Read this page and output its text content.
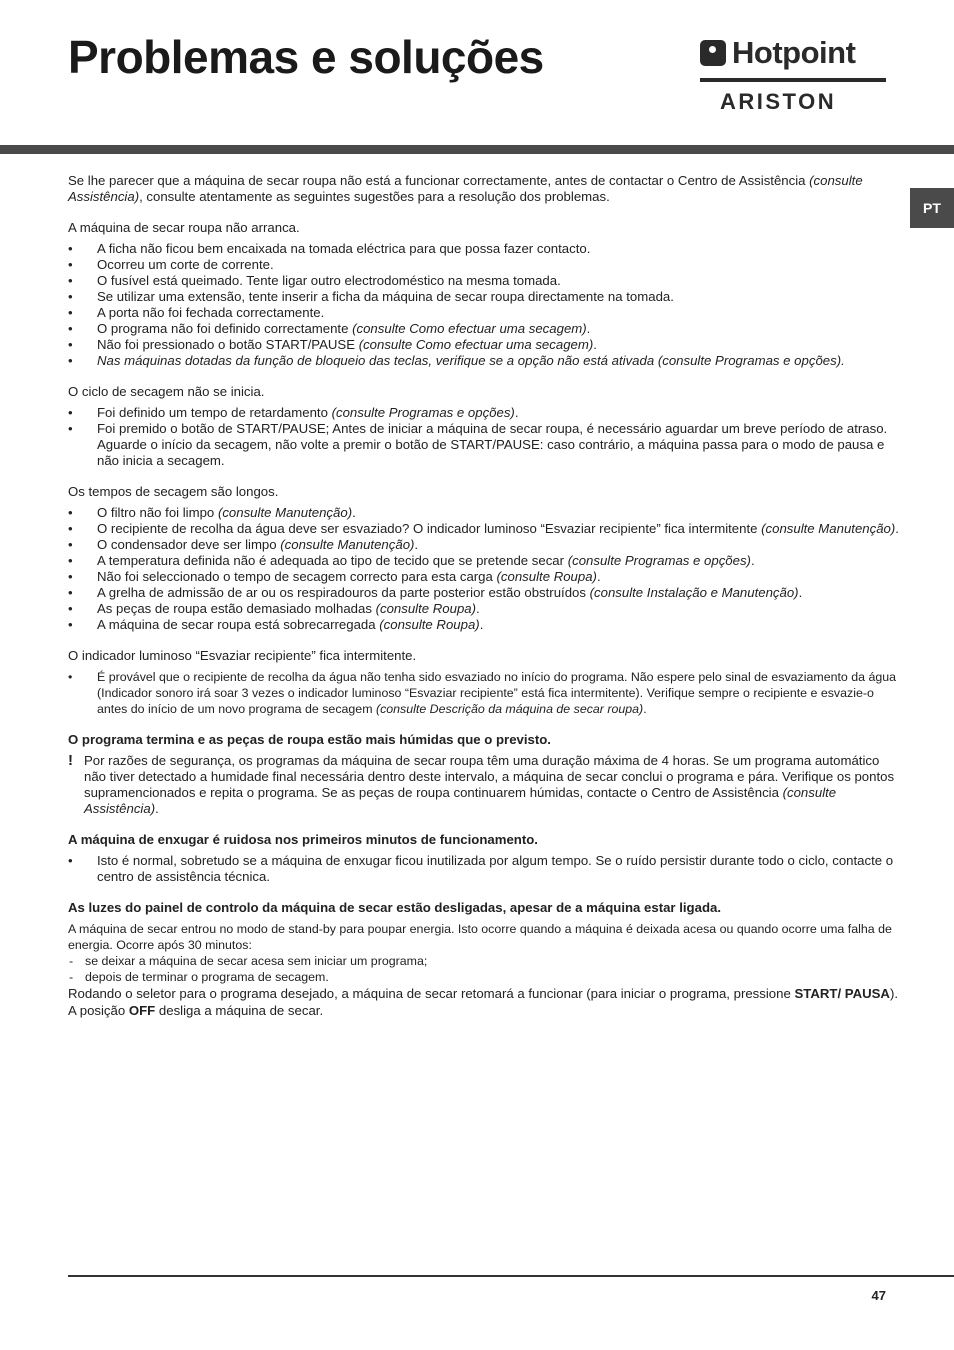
Problemas e soluções	Hotpoint
ARISTON
PT

Se lhe parecer que a máquina de secar roupa não está a funcionar correctamente, antes de contactar o Centro de Assistência (consulte Assistência), consulte atentamente as seguintes sugestões para a resolução dos problemas.

A máquina de secar roupa não arranca.
• A ficha não ficou bem encaixada na tomada eléctrica para que possa fazer contacto.
• Ocorreu um corte de corrente.
• O fusível está queimado. Tente ligar outro electrodoméstico na mesma tomada.
• Se utilizar uma extensão, tente inserir a ficha da máquina de secar roupa directamente na tomada.
• A porta não foi fechada correctamente.
• O programa não foi definido correctamente (consulte Como efectuar uma secagem).
• Não foi pressionado o botão START/PAUSE (consulte Como efectuar uma secagem).
• Nas máquinas dotadas da função de bloqueio das teclas, verifique se a opção não está ativada (consulte Programas e opções).
O ciclo de secagem não se inicia.
• Foi definido um tempo de retardamento (consulte Programas e opções).
• Foi premido o botão de START/PAUSE; Antes de iniciar a máquina de secar roupa, é necessário aguardar um breve período de atraso. Aguarde o início da secagem, não volte a premir o botão de START/PAUSE: caso contrário, a máquina passa para o modo de pausa e não inicia a secagem.
Os tempos de secagem são longos.
• O filtro não foi limpo (consulte Manutenção).
• O recipiente de recolha da água deve ser esvaziado? O indicador luminoso “Esvaziar recipiente” fica intermitente (consulte Manutenção).
• O condensador deve ser limpo (consulte Manutenção).
• A temperatura definida não é adequada ao tipo de tecido que se pretende secar (consulte Programas e opções).
• Não foi seleccionado o tempo de secagem correcto para esta carga (consulte Roupa).
• A grelha de admissão de ar ou os respiradouros da parte posterior estão obstruídos (consulte Instalação e Manutenção).
• As peças de roupa estão demasiado molhadas (consulte Roupa).
• A máquina de secar roupa está sobrecarregada (consulte Roupa).
O indicador luminoso “Esvaziar recipiente” fica intermitente.
• É provável que o recipiente de recolha da água não tenha sido esvaziado no início do programa. Não espere pelo sinal de esvaziamento da água (Indicador sonoro irá soar 3 vezes o indicador luminoso “Esvaziar recipiente” está fica intermitente). Verifique sempre o recipiente e esvazie-o antes do início de um novo programa de secagem (consulte Descrição da máquina de secar roupa).
O programa termina e as peças de roupa estão mais húmidas que o previsto.
! Por razões de segurança, os programas da máquina de secar roupa têm uma duração máxima de 4 horas. Se um programa automático não tiver detectado a humidade final necessária dentro deste intervalo, a máquina de secar conclui o programa e pára. Verifique os pontos supramencionados e repita o programa. Se as peças de roupa continuarem húmidas, contacte o Centro de Assistência (consulte Assistência).
A máquina de enxugar é ruidosa nos primeiros minutos de funcionamento.
• Isto é normal, sobretudo se a máquina de enxugar ficou inutilizada por algum tempo. Se o ruído persistir durante todo o ciclo, contacte o centro de assistência técnica.
As luzes do painel de controlo da máquina de secar estão desligadas, apesar de a máquina estar ligada.

A máquina de secar entrou no modo de stand-by para poupar energia. Isto ocorre quando a máquina é deixada acesa ou quando ocorre uma falha de energia. Ocorre após 30 minutos:

- se deixar a máquina de secar acesa sem iniciar um programa;
- depois de terminar o programa de secagem.

Rodando o seletor para o programa desejado, a máquina de secar retomará a funcionar (para iniciar o programa, pressione START/ PAUSA). A posição OFF desliga a máquina de secar.

47
